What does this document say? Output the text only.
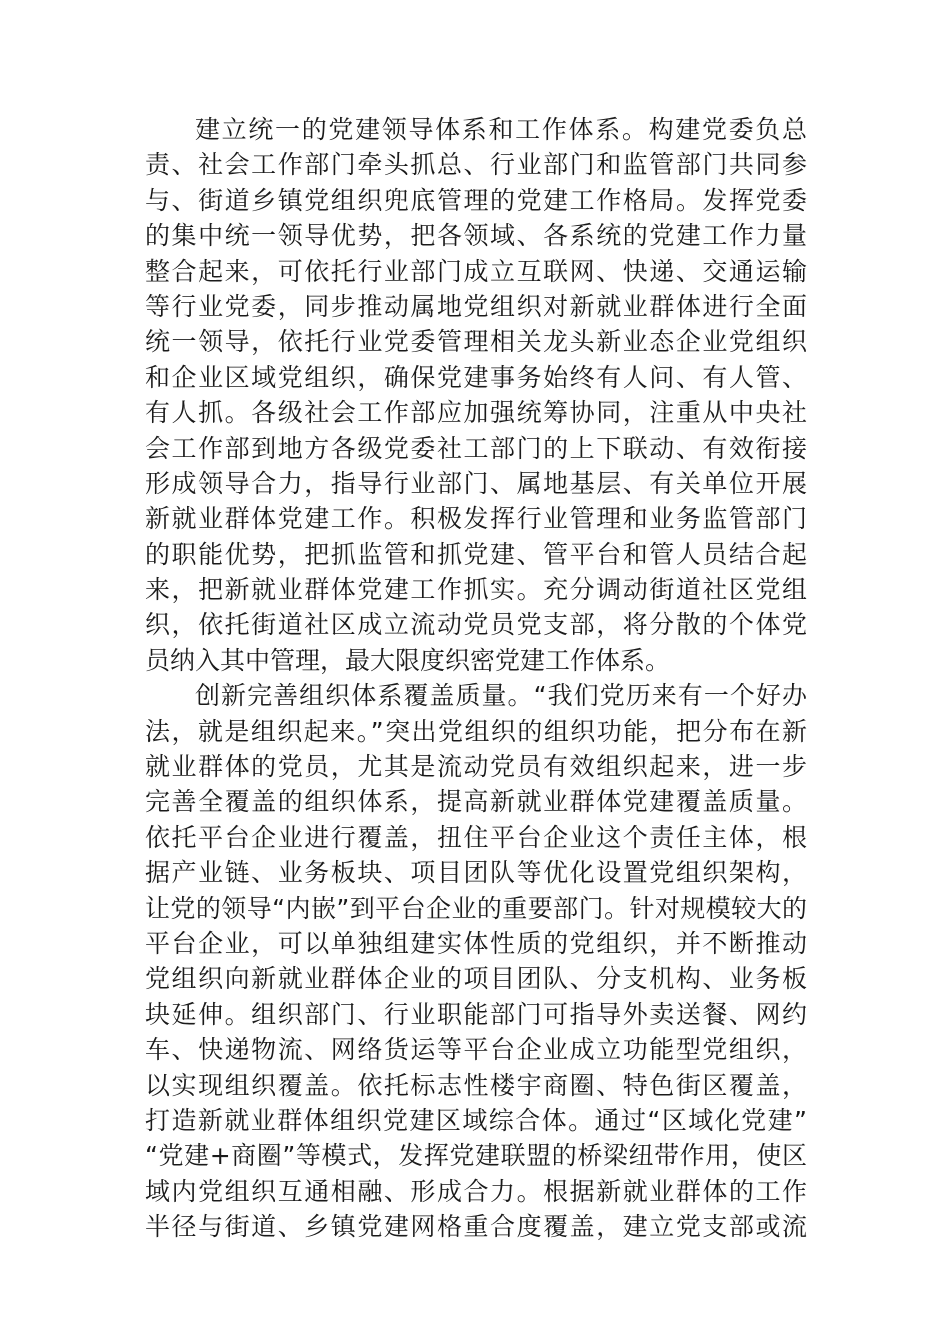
建立统一的党建领导体系和工作体系。构建党委负总
责、社会工作部门牵头抓总、行业部门和监管部门共同参
与、街道乡镇党组织兜底管理的党建工作格局。发挥党委
的集中统一领导优势，把各领域、各系统的党建工作力量
整合起来，可依托行业部门成立互联网、快递、交通运输
等行业党委，同步推动属地党组织对新就业群体进行全面
统一领导，依托行业党委管理相关龙头新业态企业党组织
和企业区域党组织，确保党建事务始终有人问、有人管、
有人抓。各级社会工作部应加强统筹协同，注重从中央社
会工作部到地方各级党委社工部门的上下联动、有效衔接
形成领导合力，指导行业部门、属地基层、有关单位开展
新就业群体党建工作。积极发挥行业管理和业务监管部门
的职能优势，把抓监管和抓党建、管平台和管人员结合起
来，把新就业群体党建工作抓实。充分调动街道社区党组
织，依托街道社区成立流动党员党支部，将分散的个体党
员纳入其中管理，最大限度织密党建工作体系。
创新完善组织体系覆盖质量。“我们党历来有一个好办
法，就是组织起来。”突出党组织的组织功能，把分布在新
就业群体的党员，尤其是流动党员有效组织起来，进一步
完善全覆盖的组织体系，提高新就业群体党建覆盖质量。
依托平台企业进行覆盖，扭住平台企业这个责任主体，根
据产业链、业务板块、项目团队等优化设置党组织架构，
让党的领导“内嵌”到平台企业的重要部门。针对规模较大的
平台企业，可以单独组建实体性质的党组织，并不断推动
党组织向新就业群体企业的项目团队、分支机构、业务板
块延伸。组织部门、行业职能部门可指导外卖送餐、网约
车、快递物流、网络货运等平台企业成立功能型党组织，
以实现组织覆盖。依托标志性楼宇商圈、特色街区覆盖，
打造新就业群体组织党建区域综合体。通过“区域化党建”
“党建+商圈”等模式，发挥党建联盟的桥梁纽带作用，使区
域内党组织互通相融、形成合力。根据新就业群体的工作
半径与街道、乡镇党建网格重合度覆盖，建立党支部或流
